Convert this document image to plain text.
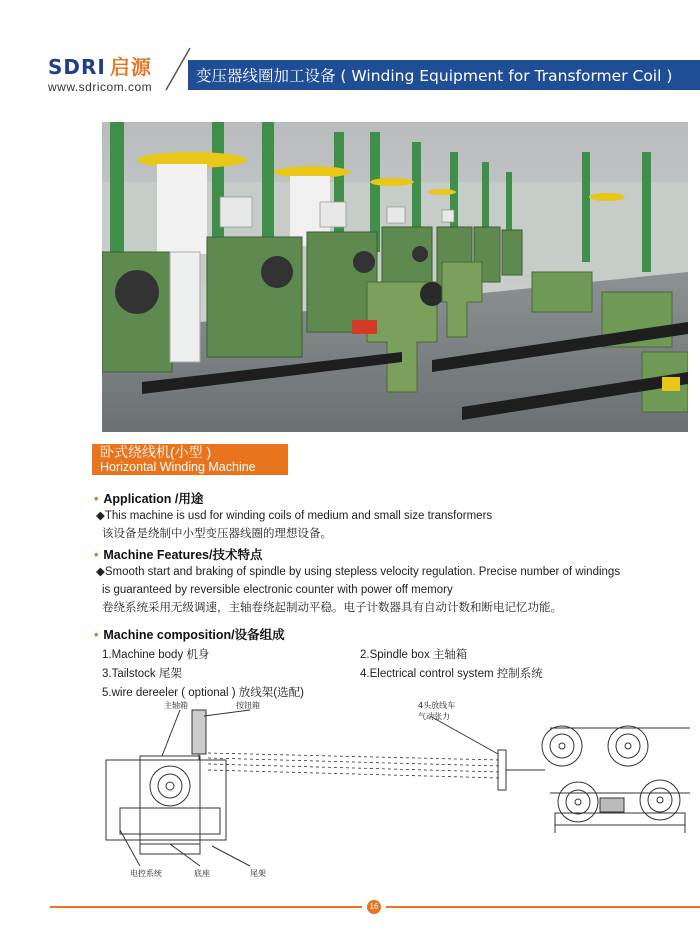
SDRI 启源
www.sdricom.com
变压器线圈加工设备 ( Winding Equipment for Transformer Coil )
卧式绕线机(小型 )
Horizontal Winding Machine
• Application /用途
◆This machine is usd for winding coils of medium and small size transformers
该设备是绕制中小型变压器线圈的理想设备。
• Machine Features/技术特点
◆Smooth start and braking of spindle by using stepless velocity regulation. Precise number of windings
is guaranteed by reversible electronic counter with power off memory
卷绕系统采用无级调速，主轴卷绕起制动平稳。电子计数器具有自动计数和断电记忆功能。
• Machine composition/设备组成
1.Machine body 机身	2.Spindle box 主轴箱
3.Tailstock 尾架	4.Electrical control system 控制系统
5.wire dereeler ( optional ) 放线架(选配)
主轴箱	按钮箱	4头放线车
气动张力
电控系统	底座	尾架
16
